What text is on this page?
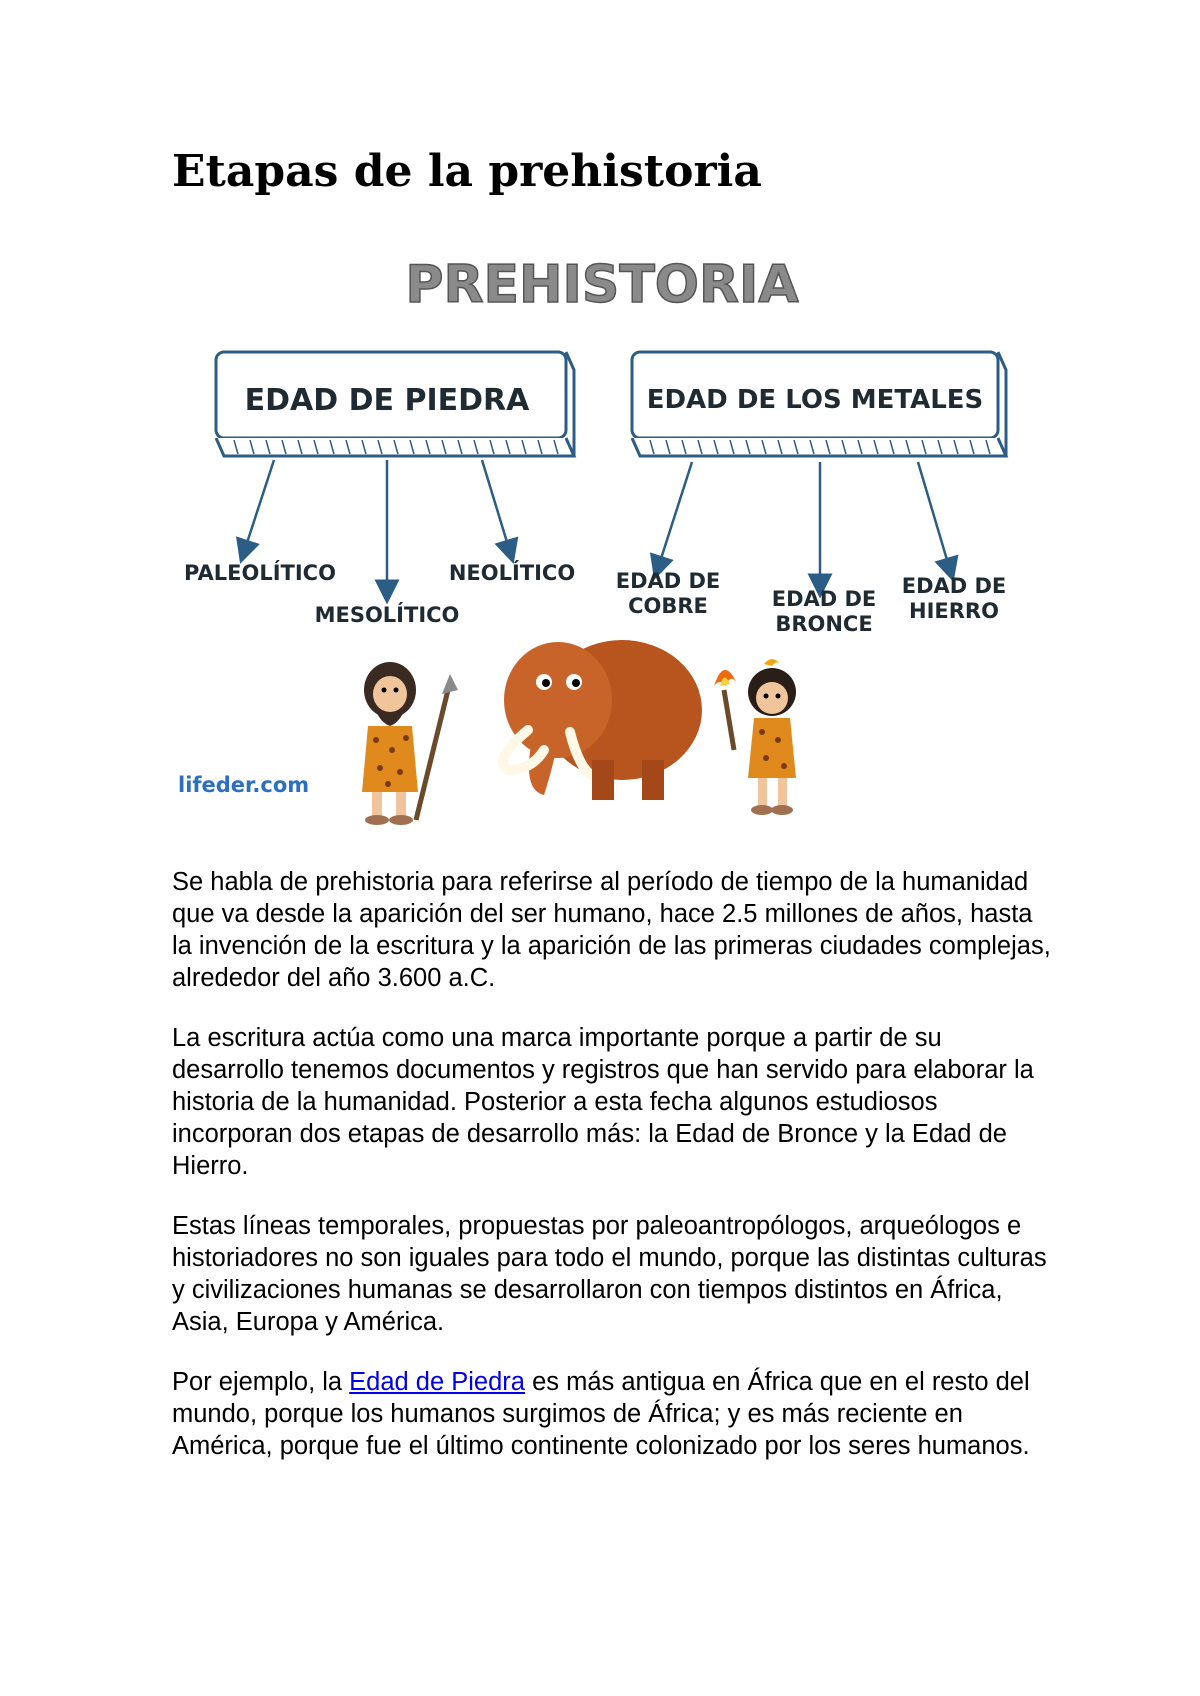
Etapas de la prehistoria
PREHISTORIA
EDAD DE PIEDRA	EDAD DE LOS METALES
PALEOLÍTICO
MESOLÍTICO
NEOLÍTICO EDAD DE
COBRE	EDAD DE
BRONCE
EDAD DE
HIERRO
lifeder.com

Se habla de prehistoria para referirse al período de tiempo de la humanidad que va desde la aparición del ser humano, hace 2.5 millones de años, hasta la invención de la escritura y la aparición de las primeras ciudades complejas, alrededor del año 3.600 a.C.

La escritura actúa como una marca importante porque a partir de su desarrollo tenemos documentos y registros que han servido para elaborar la historia de la humanidad. Posterior a esta fecha algunos estudiosos incorporan dos etapas de desarrollo más: la Edad de Bronce y la Edad de Hierro.

Estas líneas temporales, propuestas por paleoantropólogos, arqueólogos e historiadores no son iguales para todo el mundo, porque las distintas culturas y civilizaciones humanas se desarrollaron con tiempos distintos en África, Asia, Europa y América.

Por ejemplo, la Edad de Piedra es más antigua en África que en el resto del mundo, porque los humanos surgimos de África; y es más reciente en América, porque fue el último continente colonizado por los seres humanos.
